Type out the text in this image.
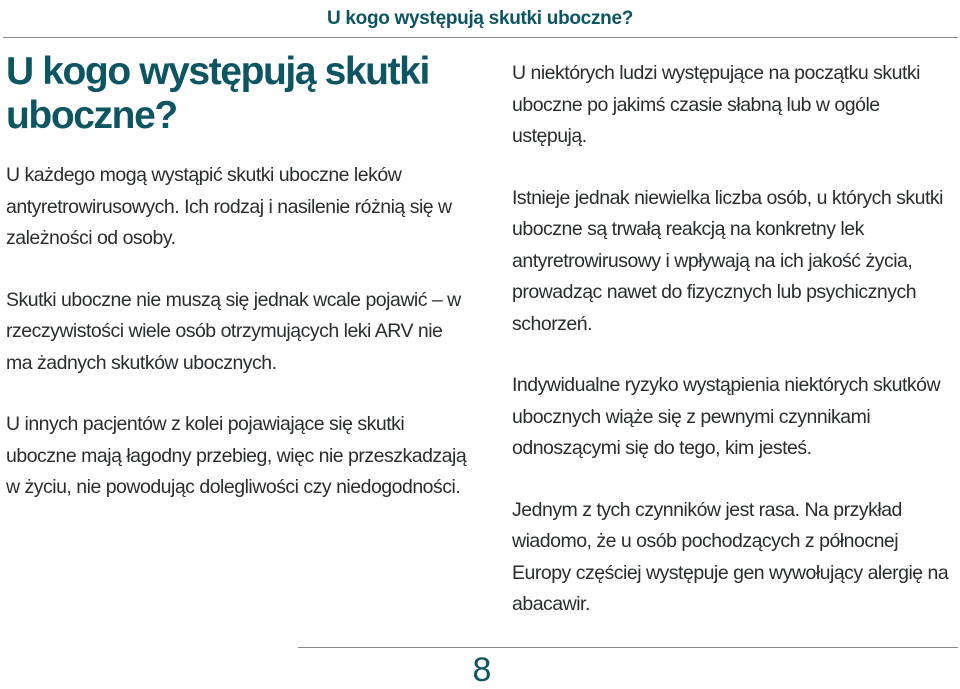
U kogo występują skutki uboczne?
U kogo występują skutki uboczne?

U każdego mogą wystąpić skutki uboczne leków antyretrowirusowych. Ich rodzaj i nasilenie różnią się w zależności od osoby.

Skutki uboczne nie muszą się jednak wcale pojawić – w rzeczywistości wiele osób otrzymujących leki ARV nie ma żadnych skutków ubocznych.

U innych pacjentów z kolei pojawiające się skutki uboczne mają łagodny przebieg, więc nie przeszkadzają w życiu, nie powodując dolegliwości czy niedogodności.

U niektórych ludzi występujące na początku skutki uboczne po jakimś czasie słabną lub w ogóle ustępują.

Istnieje jednak niewielka liczba osób, u których skutki uboczne są trwałą reakcją na konkretny lek antyretrowirusowy i wpływają na ich jakość życia, prowadząc nawet do fizycznych lub psychicznych schorzeń.

Indywidualne ryzyko wystąpienia niektórych skutków ubocznych wiąże się z pewnymi czynnikami odnoszącymi się do tego, kim jesteś.

Jednym z tych czynników jest rasa. Na przykład wiadomo, że u osób pochodzących z północnej Europy częściej występuje gen wywołujący alergię na abacawir.

8
